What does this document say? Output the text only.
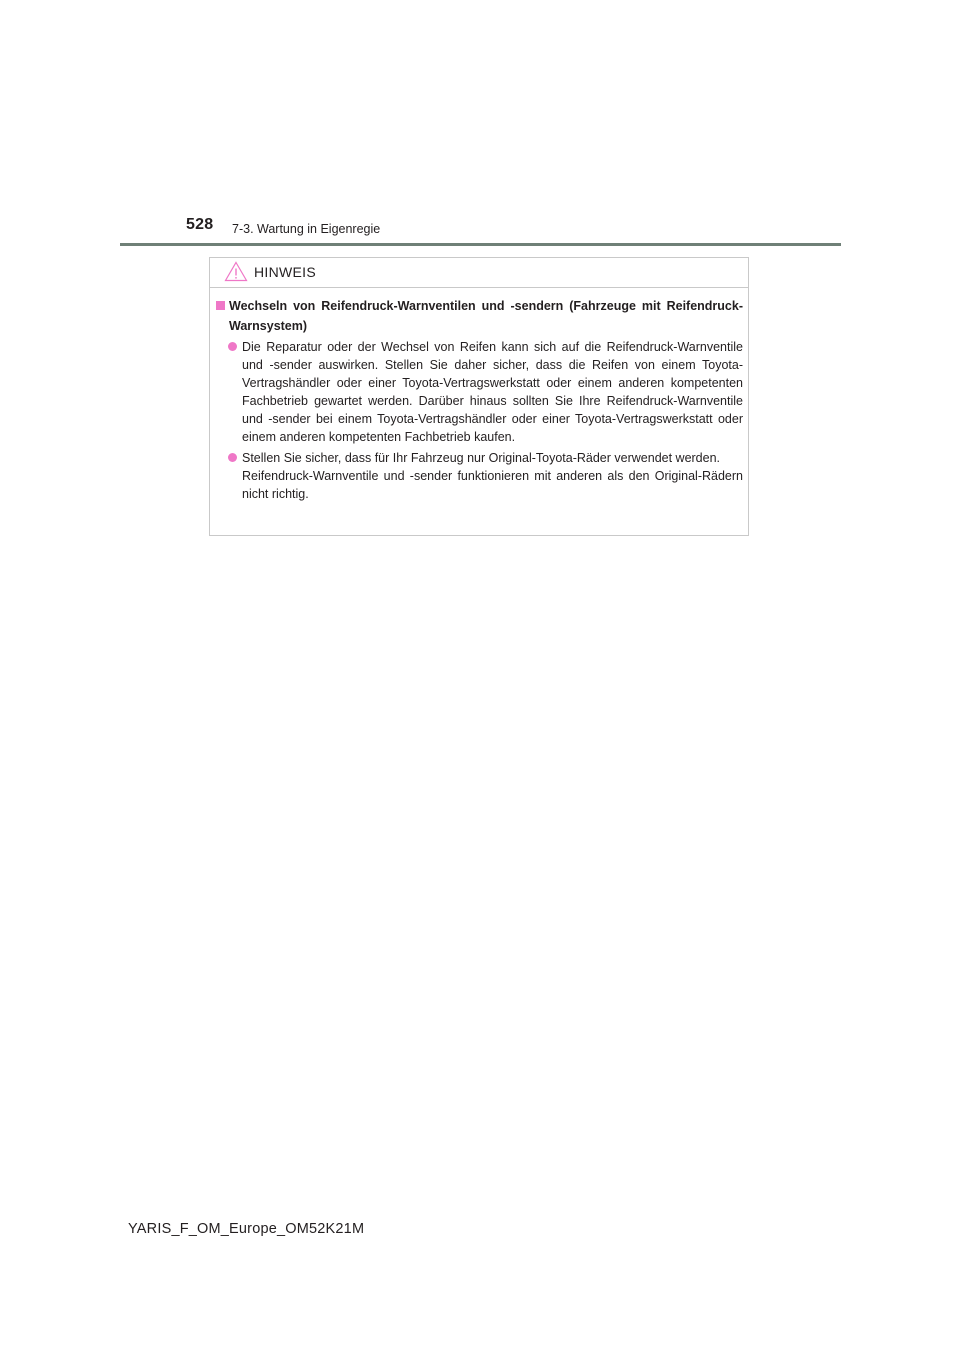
528 7-3. Wartung in Eigenregie
HINWEIS
Wechseln von Reifendruck-Warnventilen und -sendern (Fahrzeuge mit Reifendruck-Warnsystem)
Die Reparatur oder der Wechsel von Reifen kann sich auf die Reifendruck-Warnventile und -sender auswirken. Stellen Sie daher sicher, dass die Reifen von einem Toyota-Vertragshändler oder einer Toyota-Vertragswerkstatt oder einem anderen kompetenten Fachbetrieb gewartet werden. Darüber hinaus sollten Sie Ihre Reifendruck-Warnventile und -sender bei einem Toyota-Vertragshändler oder einer Toyota-Vertragswerkstatt oder einem anderen kompetenten Fachbetrieb kaufen.
Stellen Sie sicher, dass für Ihr Fahrzeug nur Original-Toyota-Räder verwendet werden.
Reifendruck-Warnventile und -sender funktionieren mit anderen als den Original-Rädern nicht richtig.
YARIS_F_OM_Europe_OM52K21M
